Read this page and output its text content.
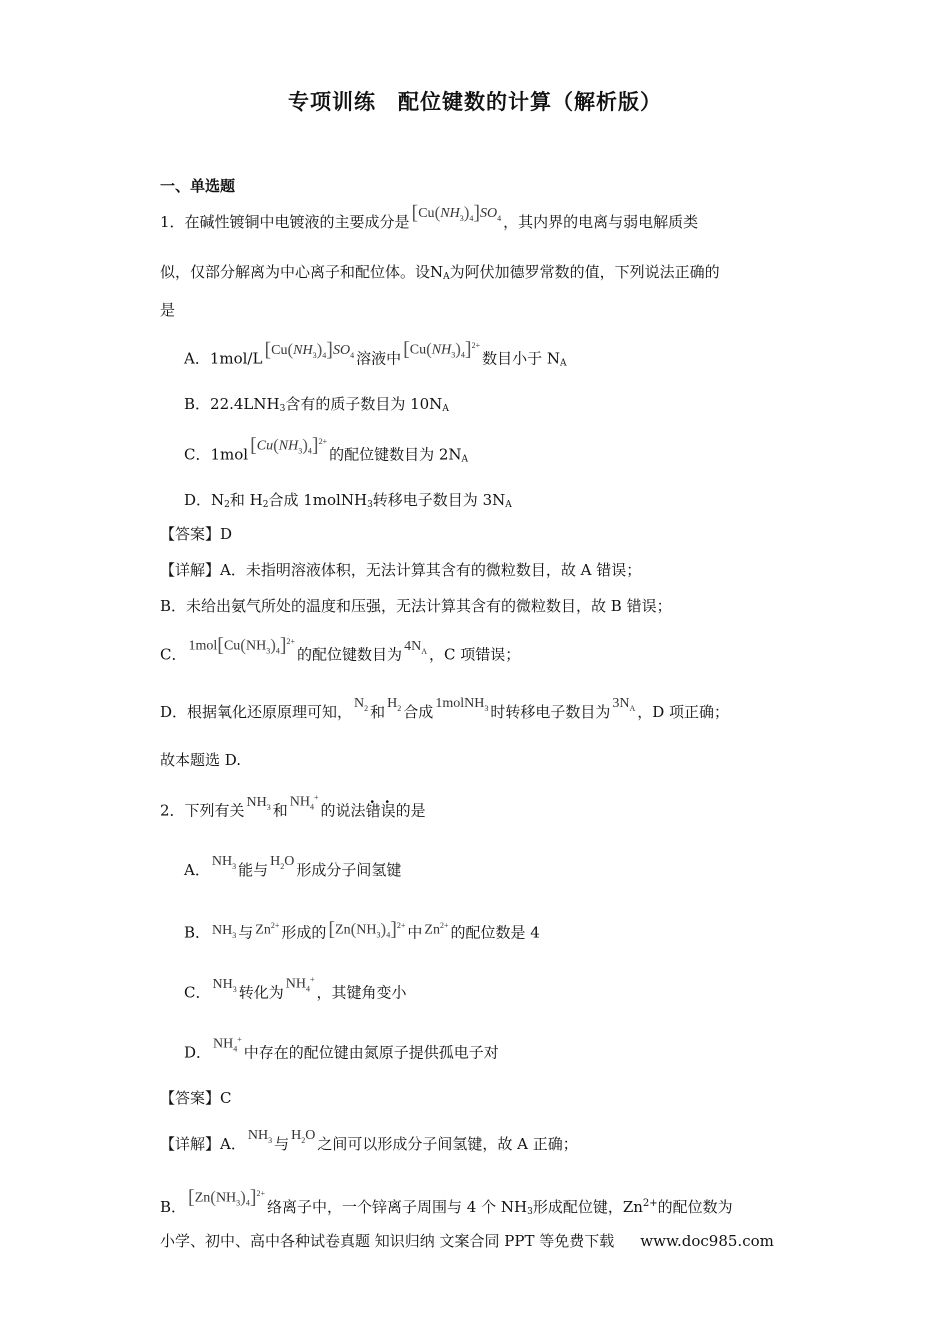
专项训练　配位键数的计算（解析版）
一、单选题
1．在碱性镀铜中电镀液的主要成分是 $[Cu(NH_3)_4]SO_4$ ，其内界的电离与弱电解质类
似，仅部分解离为中心离子和配位体。设$N_A$为阿伏加德罗常数的值，下列说法正确的
是
A．1mol/L $[Cu(NH_3)_4]SO_4$ 溶液中 $[Cu(NH_3)_4]^{2+}$数目小于 $N_A$
B．$22.4LNH_3$含有的质子数目为 $10N_A$
C．1mol $[Cu(NH_3)_4]^{2+}$的配位键数目为 $2N_A$
D．$N_2$和 $H_2$合成 1molNH$_3$转移电子数目为 $3N_A$
【答案】D
【详解】A．未指明溶液体积，无法计算其含有的微粒数目，故 A 错误；
B．未给出氨气所处的温度和压强，无法计算其含有的微粒数目，故 B 错误；
C． $1mol[Cu(NH_3)_4]^{2+}$的配位键数目为 $4N_A$ ，C 项错误；
D．根据氧化还原原理可知， $N_2$ 和 $H_2$ 合成 1molNH$_3$ 时转移电子数目为 $3N_A$ ，D 项正确；
故本题选 D.
2．下列有关 $NH_3$ 和 $NH_4^+$的说法错误的是
A． $NH_3$ 能与 $H_2O$ 形成分子间氢键
B． $NH_3$ 与 $Zn^{2+}$ 形成的 $[Zn(NH_3)_4]^{2+}$ 中 $Zn^{2+}$ 的配位数是 4
C． $NH_3$ 转化为 $NH_4^+$，其键角变小
D． $NH_4^+$中存在的配位键由氮原子提供孤电子对
【答案】C
【详解】A． $NH_3$ 与 $H_2O$ 之间可以形成分子间氢键，故 A 正确；
B． $[Zn(NH_3)_4]^{2+}$络离子中，一个锌离子周围与 4 个 $NH_3$形成配位键，$Zn^{2+}$的配位数为
小学、初中、高中各种试卷真题 知识归纳 文案合同 PPT 等免费下载 www.doc985.com
